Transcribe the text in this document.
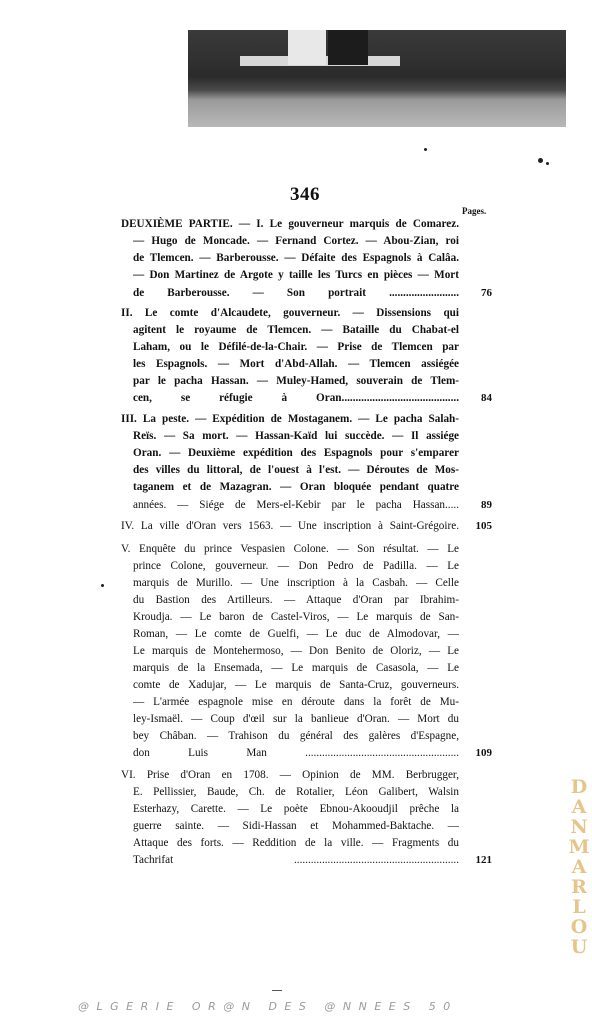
346
Pages.
DEUXIÈME PARTIE. — I. Le gouverneur marquis de Comarez.
— Hugo de Moncade. — Fernand Cortez. — Abou-Zian, roi
de Tlemcen. — Barberousse. — Défaite des Espagnols à Calâa.
— Don Martinez de Argote y taille les Turcs en pièces — Mort
de Barberousse. — Son portrait .........................	76
II. Le comte d'Alcaudete, gouverneur. — Dissensions qui
agitent le royaume de Tlemcen. — Bataille du Chabat-el
Laham, ou le Défilé-de-la-Chair. — Prise de Tlemcen par
les Espagnols. — Mort d'Abd-Allah. — Tlemcen assiégée
par le pacha Hassan. — Muley-Hamed, souverain de Tlem-
cen, se réfugie à Oran..........................................	84
III. La peste. — Expédition de Mostaganem. — Le pacha Salah-
Reïs. — Sa mort. — Hassan-Kaïd lui succède. — Il assiége
Oran. — Deuxième expédition des Espagnols pour s'emparer
des villes du littoral, de l'ouest à l'est. — Déroutes de Mos-
taganem et de Mazagran. — Oran bloquée pendant quatre
années. — Siége de Mers-el-Kebir par le pacha Hassan.....	89
IV. La ville d'Oran vers 1563. — Une inscription à Saint-Grégoire. 105
V. Enquête du prince Vespasien Colone. — Son résultat. — Le
prince Colone, gouverneur. — Don Pedro de Padilla. — Le
marquis de Murillo. — Une inscription à la Casbah. — Celle
du Bastion des Artilleurs. — Attaque d'Oran par Ibrahim-
Kroudja. — Le baron de Castel-Viros, — Le marquis de San-
Roman, — Le comte de Guelfi, — Le duc de Almodovar, —
Le marquis de Montehermoso, — Don Benito de Oloriz, — Le
marquis de la Ensemada, — Le marquis de Casasola, — Le
comte de Xadujar, — Le marquis de Santa-Cruz, gouverneurs.
— L'armée espagnole mise en déroute dans la forêt de Mu-
ley-Ismaël. — Coup d'œil sur la banlieue d'Oran. — Mort du
bey Châban. — Trahison du général des galères d'Espagne,
don Luis Man ....................................................... 109
VI. Prise d'Oran en 1708. — Opinion de MM. Berbrugger,
E. Pellissier, Baude, Ch. de Rotalier, Léon Galibert, Walsin
Esterhazy, Carette. — Le poète Ebnou-Akooudjil prêche la
guerre sainte. — Sidi-Hassan et Mohammed-Baktache. —
Attaque des forts. — Reddition de la ville. — Fragments du
Tachrifat ........................................................... 121	DANMARLOU
@LGERIE OR@N DES @NNEES 50
